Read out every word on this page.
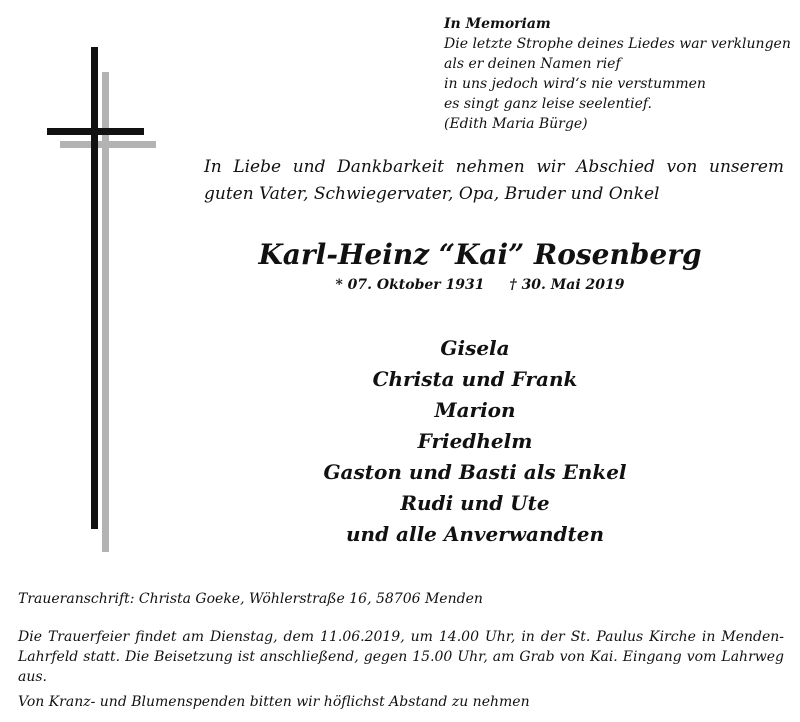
In Memoriam
Die letzte Strophe deines Liedes war verklungen
als er deinen Namen rief
in uns jedoch wird‘s nie verstummen
es singt ganz leise seelentief.
(Edith Maria Bürge)
In Liebe und Dankbarkeit nehmen wir Abschied von unserem guten Vater, Schwiegervater, Opa, Bruder und Onkel
Karl-Heinz “Kai” Rosenberg
* 07. Oktober 1931 † 30. Mai 2019
Gisela
Christa und Frank
Marion
Friedhelm
Gaston und Basti als Enkel
Rudi und Ute
und alle Anverwandten
Traueranschrift: Christa Goeke, Wöhlerstraße 16, 58706 Menden
Die Trauerfeier findet am Dienstag, dem 11.06.2019, um 14.00 Uhr, in der St. Paulus Kirche in Menden-Lahrfeld statt. Die Beisetzung ist anschließend, gegen 15.00 Uhr, am Grab von Kai. Eingang vom Lahrweg aus.
Von Kranz- und Blumenspenden bitten wir höflichst Abstand zu nehmen
